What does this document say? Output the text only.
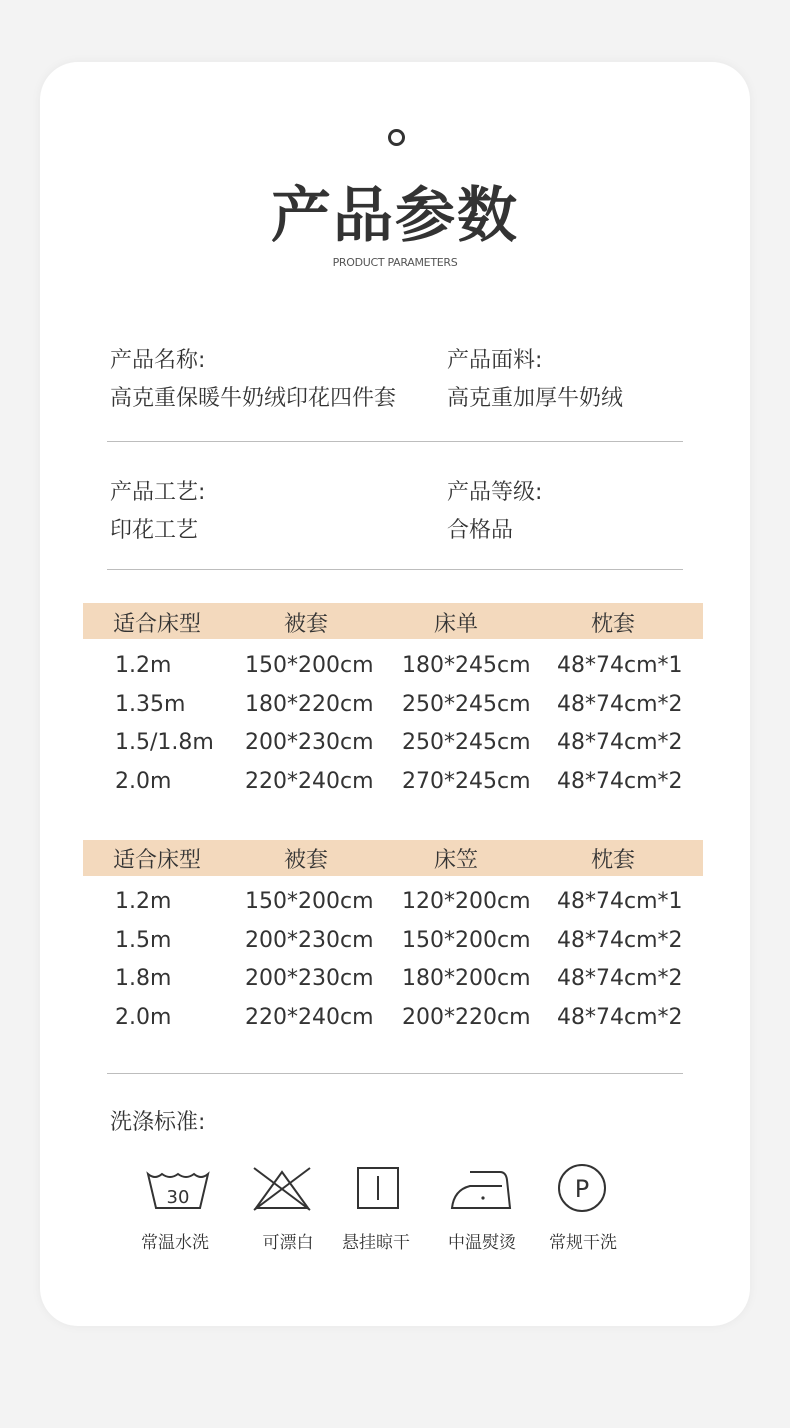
产品参数
PRODUCT PARAMETERS
产品名称:
高克重保暖牛奶绒印花四件套
产品面料:
高克重加厚牛奶绒
产品工艺:
印花工艺
产品等级:
合格品
适合床型	被套	床单	枕套
1.2m	150*200cm 180*245cm 48*74cm*1
1.35m	180*220cm 250*245cm 48*74cm*2
1.5/1.8m 200*230cm 250*245cm 48*74cm*2
2.0m	220*240cm 270*245cm 48*74cm*2
适合床型	被套	床笠	枕套
1.2m	150*200cm 120*200cm 48*74cm*1
1.5m	200*230cm 150*200cm 48*74cm*2
1.8m	200*230cm 180*200cm 48*74cm*2
2.0m	220*240cm 200*220cm 48*74cm*2
洗涤标准:
30
常温水洗	可漂白	悬挂晾干	中温熨烫
P
常规干洗
